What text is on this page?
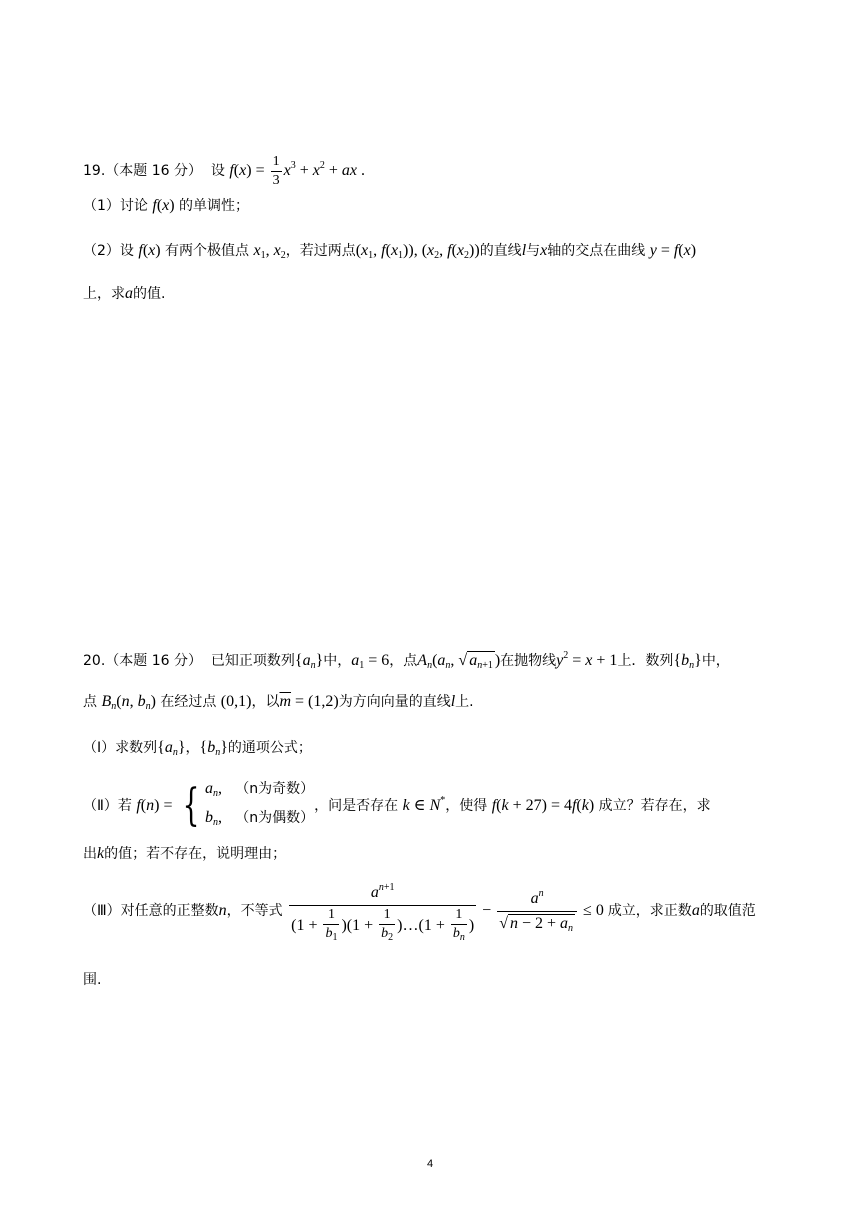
19.（本题 16 分） 设 $f(x) = \frac{1}{3} x^3 + x^2$ + ax .
（1）讨论 f(x) 的单调性；
（2）设 f(x) 有两个极值点 $x_1$, $x_2$，若过两点($x_1$, $f(x_1)$), ($x_2$, $f(x_2)$)的直线l与x轴的交点在曲线 y = f(x)
上，求a的值.
20.（本题 16 分） 已知正项数列$\{a_n\}$中，$a_1 = 6$，点$A_n(a_n$, √ $a_{n+1}$ )在抛物线$y^2 = x + 1$上．数列$\{b_n\}$中，
点 $B_n(n$, $b_n$) 在经过点 (0,1)，以$\overline{m} = (1,2)$为方向向量的直线l上.
（Ⅰ）求数列$\{a_n\}$，$\{b_n\}$的通项公式；
（Ⅱ）若 f(n) = { $a_n$, （n为奇数）
$b_n$, （n为偶数）
，问是否存在 k ∈ N*，使得 f(k + 27) = 4f(k) 成立？若存在，求
出k的值；若不存在，说明理由；
（Ⅲ）对任意的正整数n，不等式 $\frac{a^{n+1}}{(1 + \frac{1}{b_1} )(1 + \frac{1}{b_2} )\dots(1 + \frac{1}{b_n} )} - \frac{a^n}{√ n - 2 + a_n} \le 0$ 成立，求正数a的取值范
围.
4
